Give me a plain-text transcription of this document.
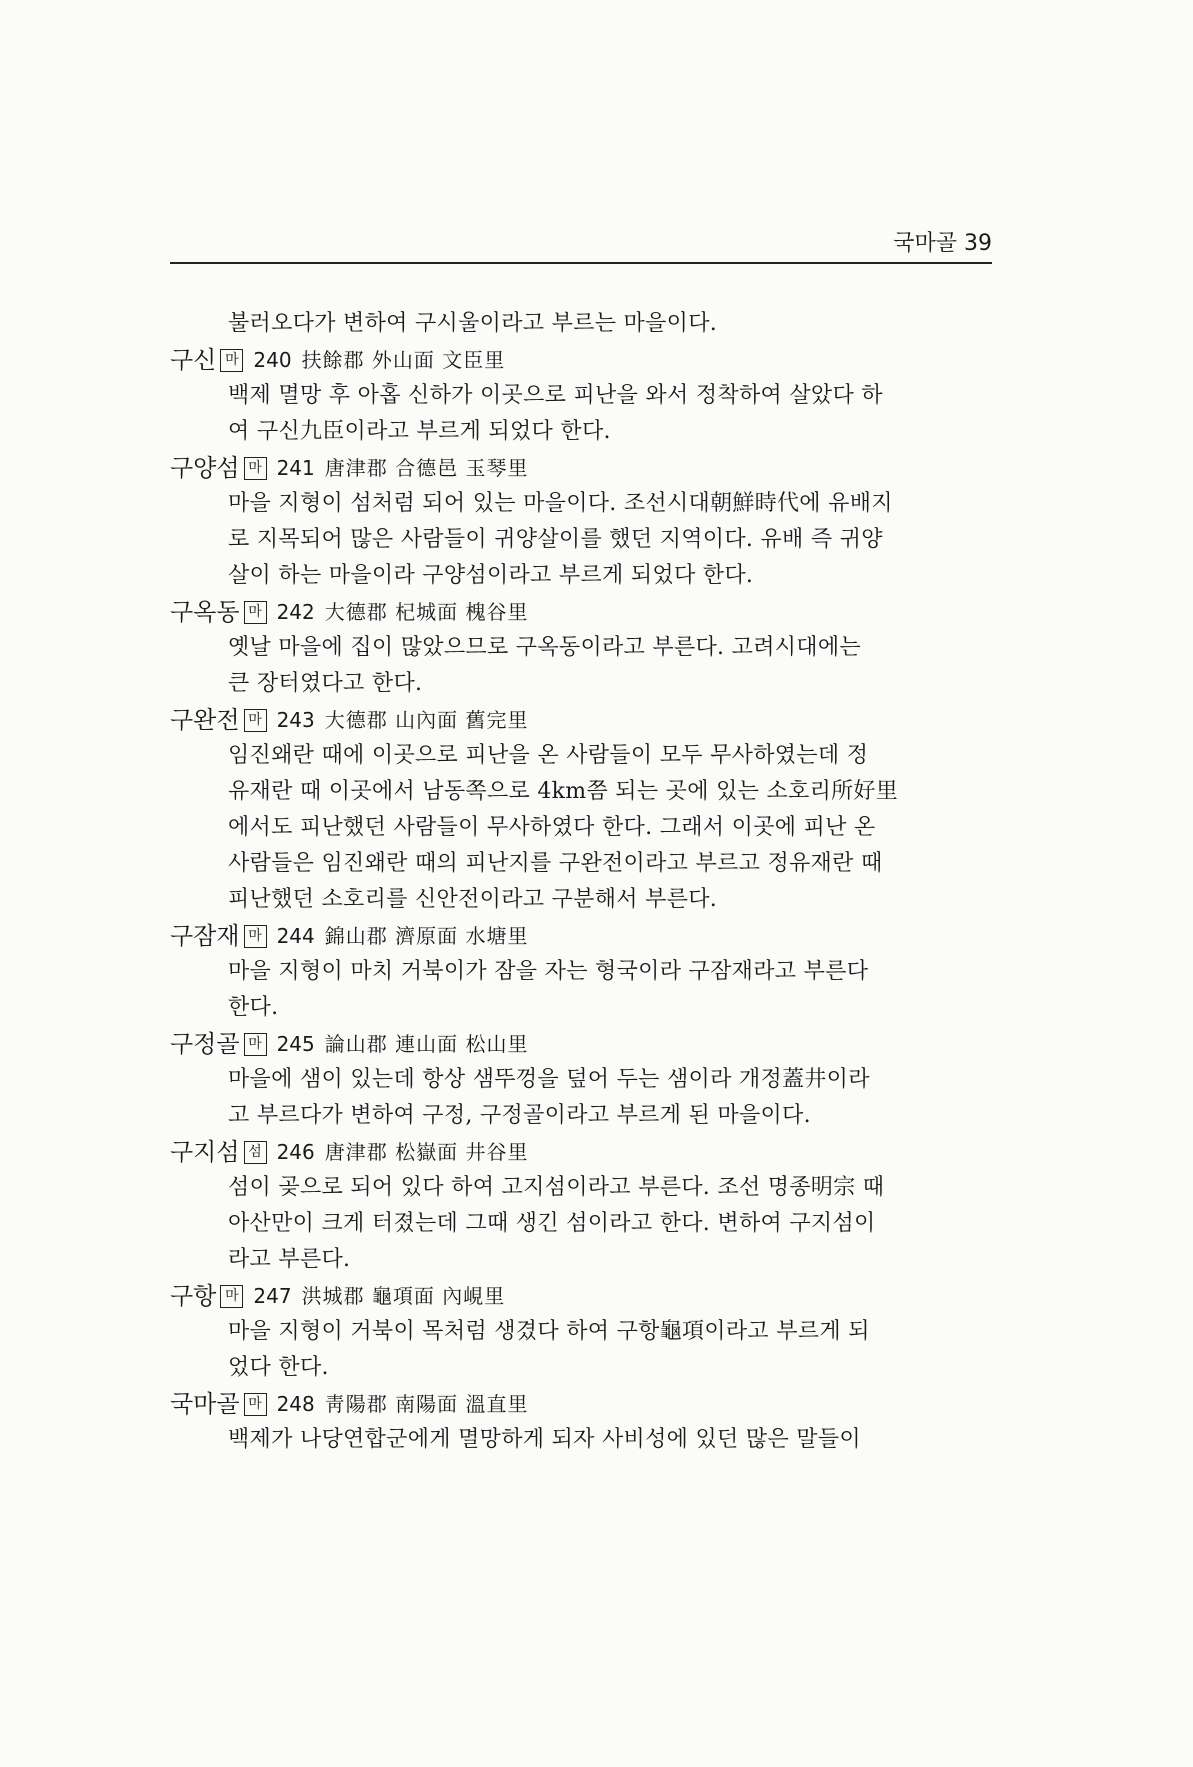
국마골 39
불러오다가 변하여 구시울이라고 부르는 마을이다.
구신 마 240 扶餘郡 外山面 文臣里
백제 멸망 후 아홉 신하가 이곳으로 피난을 와서 정착하여 살았다 하
여 구신九臣이라고 부르게 되었다 한다.
구양섬 마 241 唐津郡 合德邑 玉琴里
마을 지형이 섬처럼 되어 있는 마을이다. 조선시대朝鮮時代에 유배지
로 지목되어 많은 사람들이 귀양살이를 했던 지역이다. 유배 즉 귀양
살이 하는 마을이라 구양섬이라고 부르게 되었다 한다.
구옥동 마 242 大德郡 杞城面 槐谷里
옛날 마을에 집이 많았으므로 구옥동이라고 부른다. 고려시대에는
큰 장터였다고 한다.
구완전 마 243 大德郡 山內面 舊完里
임진왜란 때에 이곳으로 피난을 온 사람들이 모두 무사하였는데 정
유재란 때 이곳에서 남동쪽으로 4km쯤 되는 곳에 있는 소호리所好里
에서도 피난했던 사람들이 무사하였다 한다. 그래서 이곳에 피난 온
사람들은 임진왜란 때의 피난지를 구완전이라고 부르고 정유재란 때
피난했던 소호리를 신안전이라고 구분해서 부른다.
구잠재 마 244 錦山郡 濟原面 水塘里
마을 지형이 마치 거북이가 잠을 자는 형국이라 구잠재라고 부른다
한다.
구정골 마 245 論山郡 連山面 松山里
마을에 샘이 있는데 항상 샘뚜껑을 덮어 두는 샘이라 개정蓋井이라
고 부르다가 변하여 구정, 구정골이라고 부르게 된 마을이다.
구지섬 섬 246 唐津郡 松嶽面 井谷里
섬이 곶으로 되어 있다 하여 고지섬이라고 부른다. 조선 명종明宗 때
아산만이 크게 터졌는데 그때 생긴 섬이라고 한다. 변하여 구지섬이
라고 부른다.
구항 마 247 洪城郡 龜項面 內峴里
마을 지형이 거북이 목처럼 생겼다 하여 구항龜項이라고 부르게 되
었다 한다.
국마골 마 248 靑陽郡 南陽面 溫直里
백제가 나당연합군에게 멸망하게 되자 사비성에 있던 많은 말들이
